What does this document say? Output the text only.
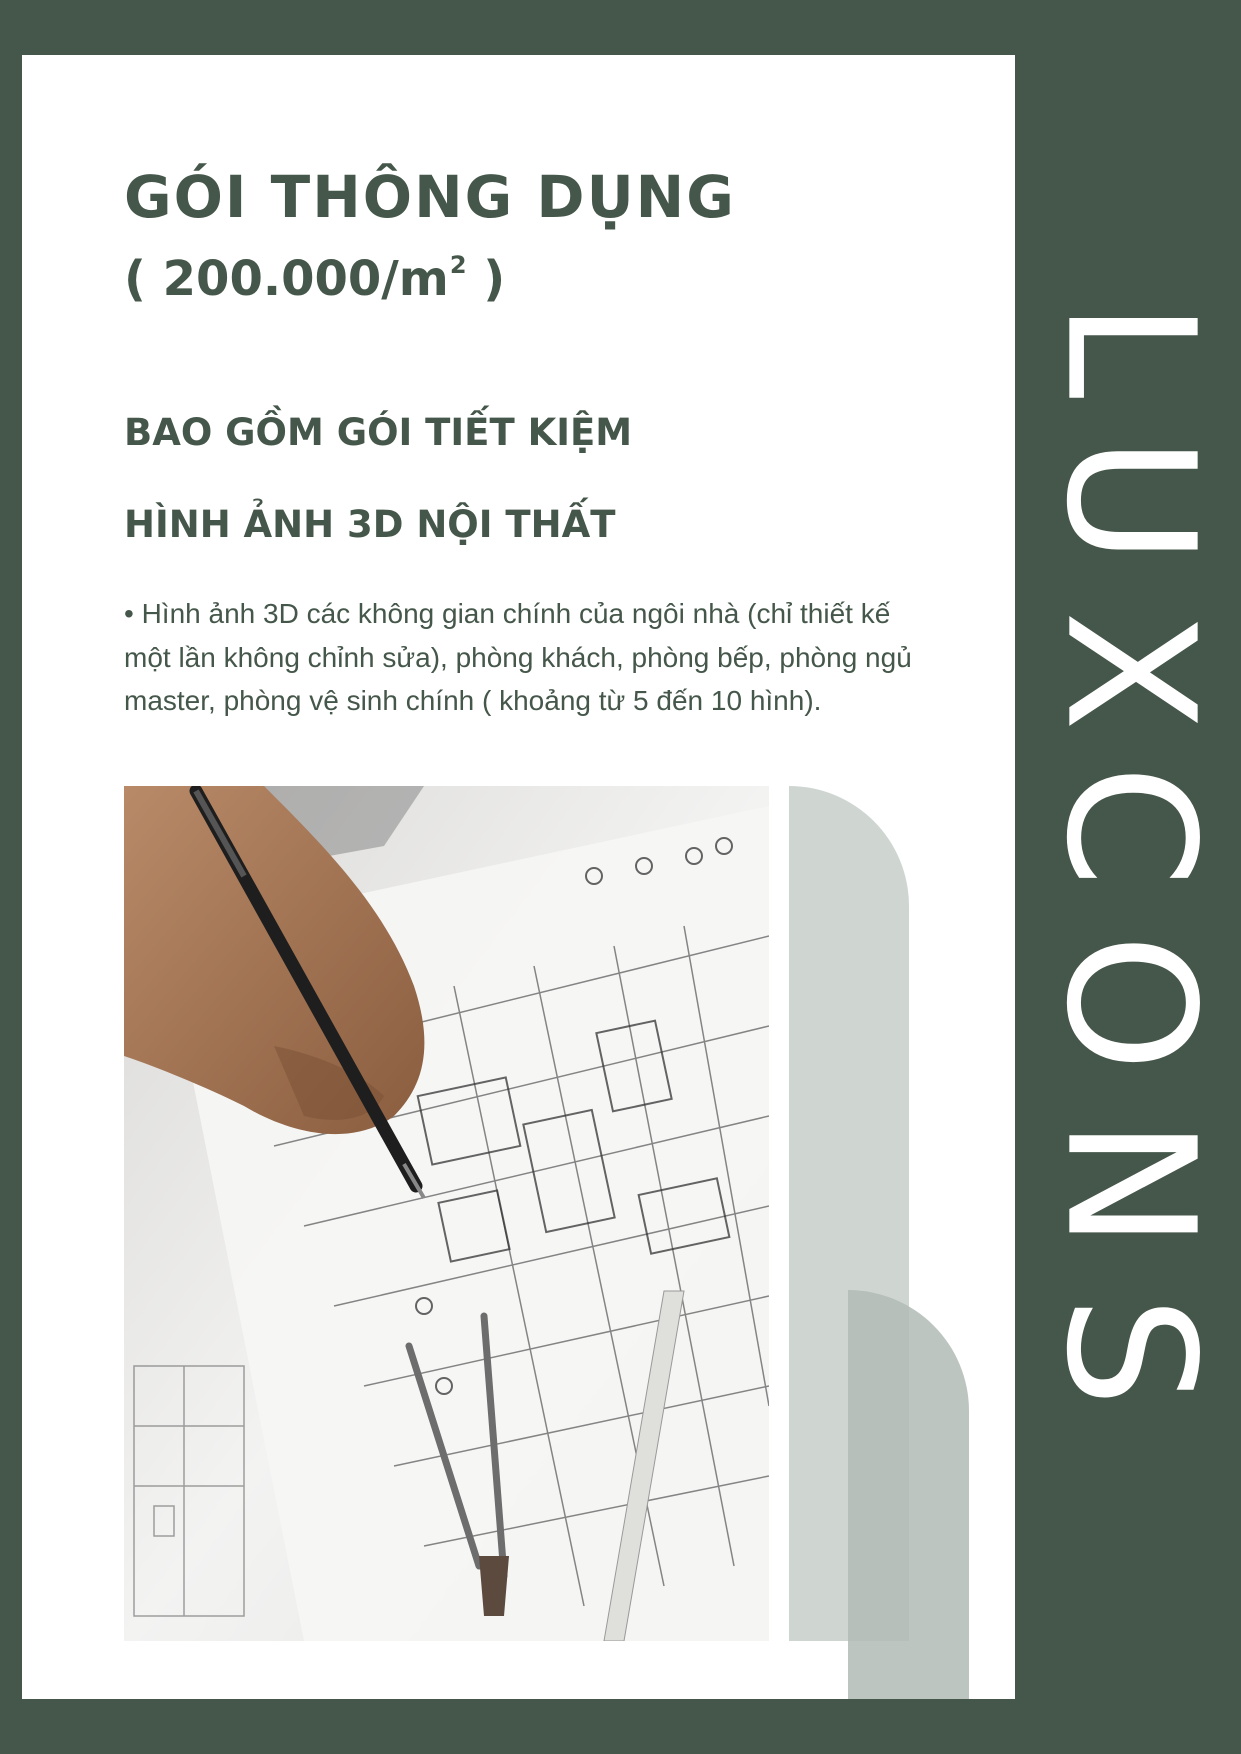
GÓI THÔNG DỤNG
( $200.000/m^2$ )
BAO GỒM GÓI TIẾT KIỆM
HÌNH ẢNH 3D NỘI THẤT

• Hình ảnh 3D các không gian chính của ngôi nhà (chỉ thiết kế một lần không chỉnh sửa), phòng khách, phòng bếp, phòng ngủ master, phòng vệ sinh chính ( khoảng từ 5 đến 10 hình).	LUXCONS
